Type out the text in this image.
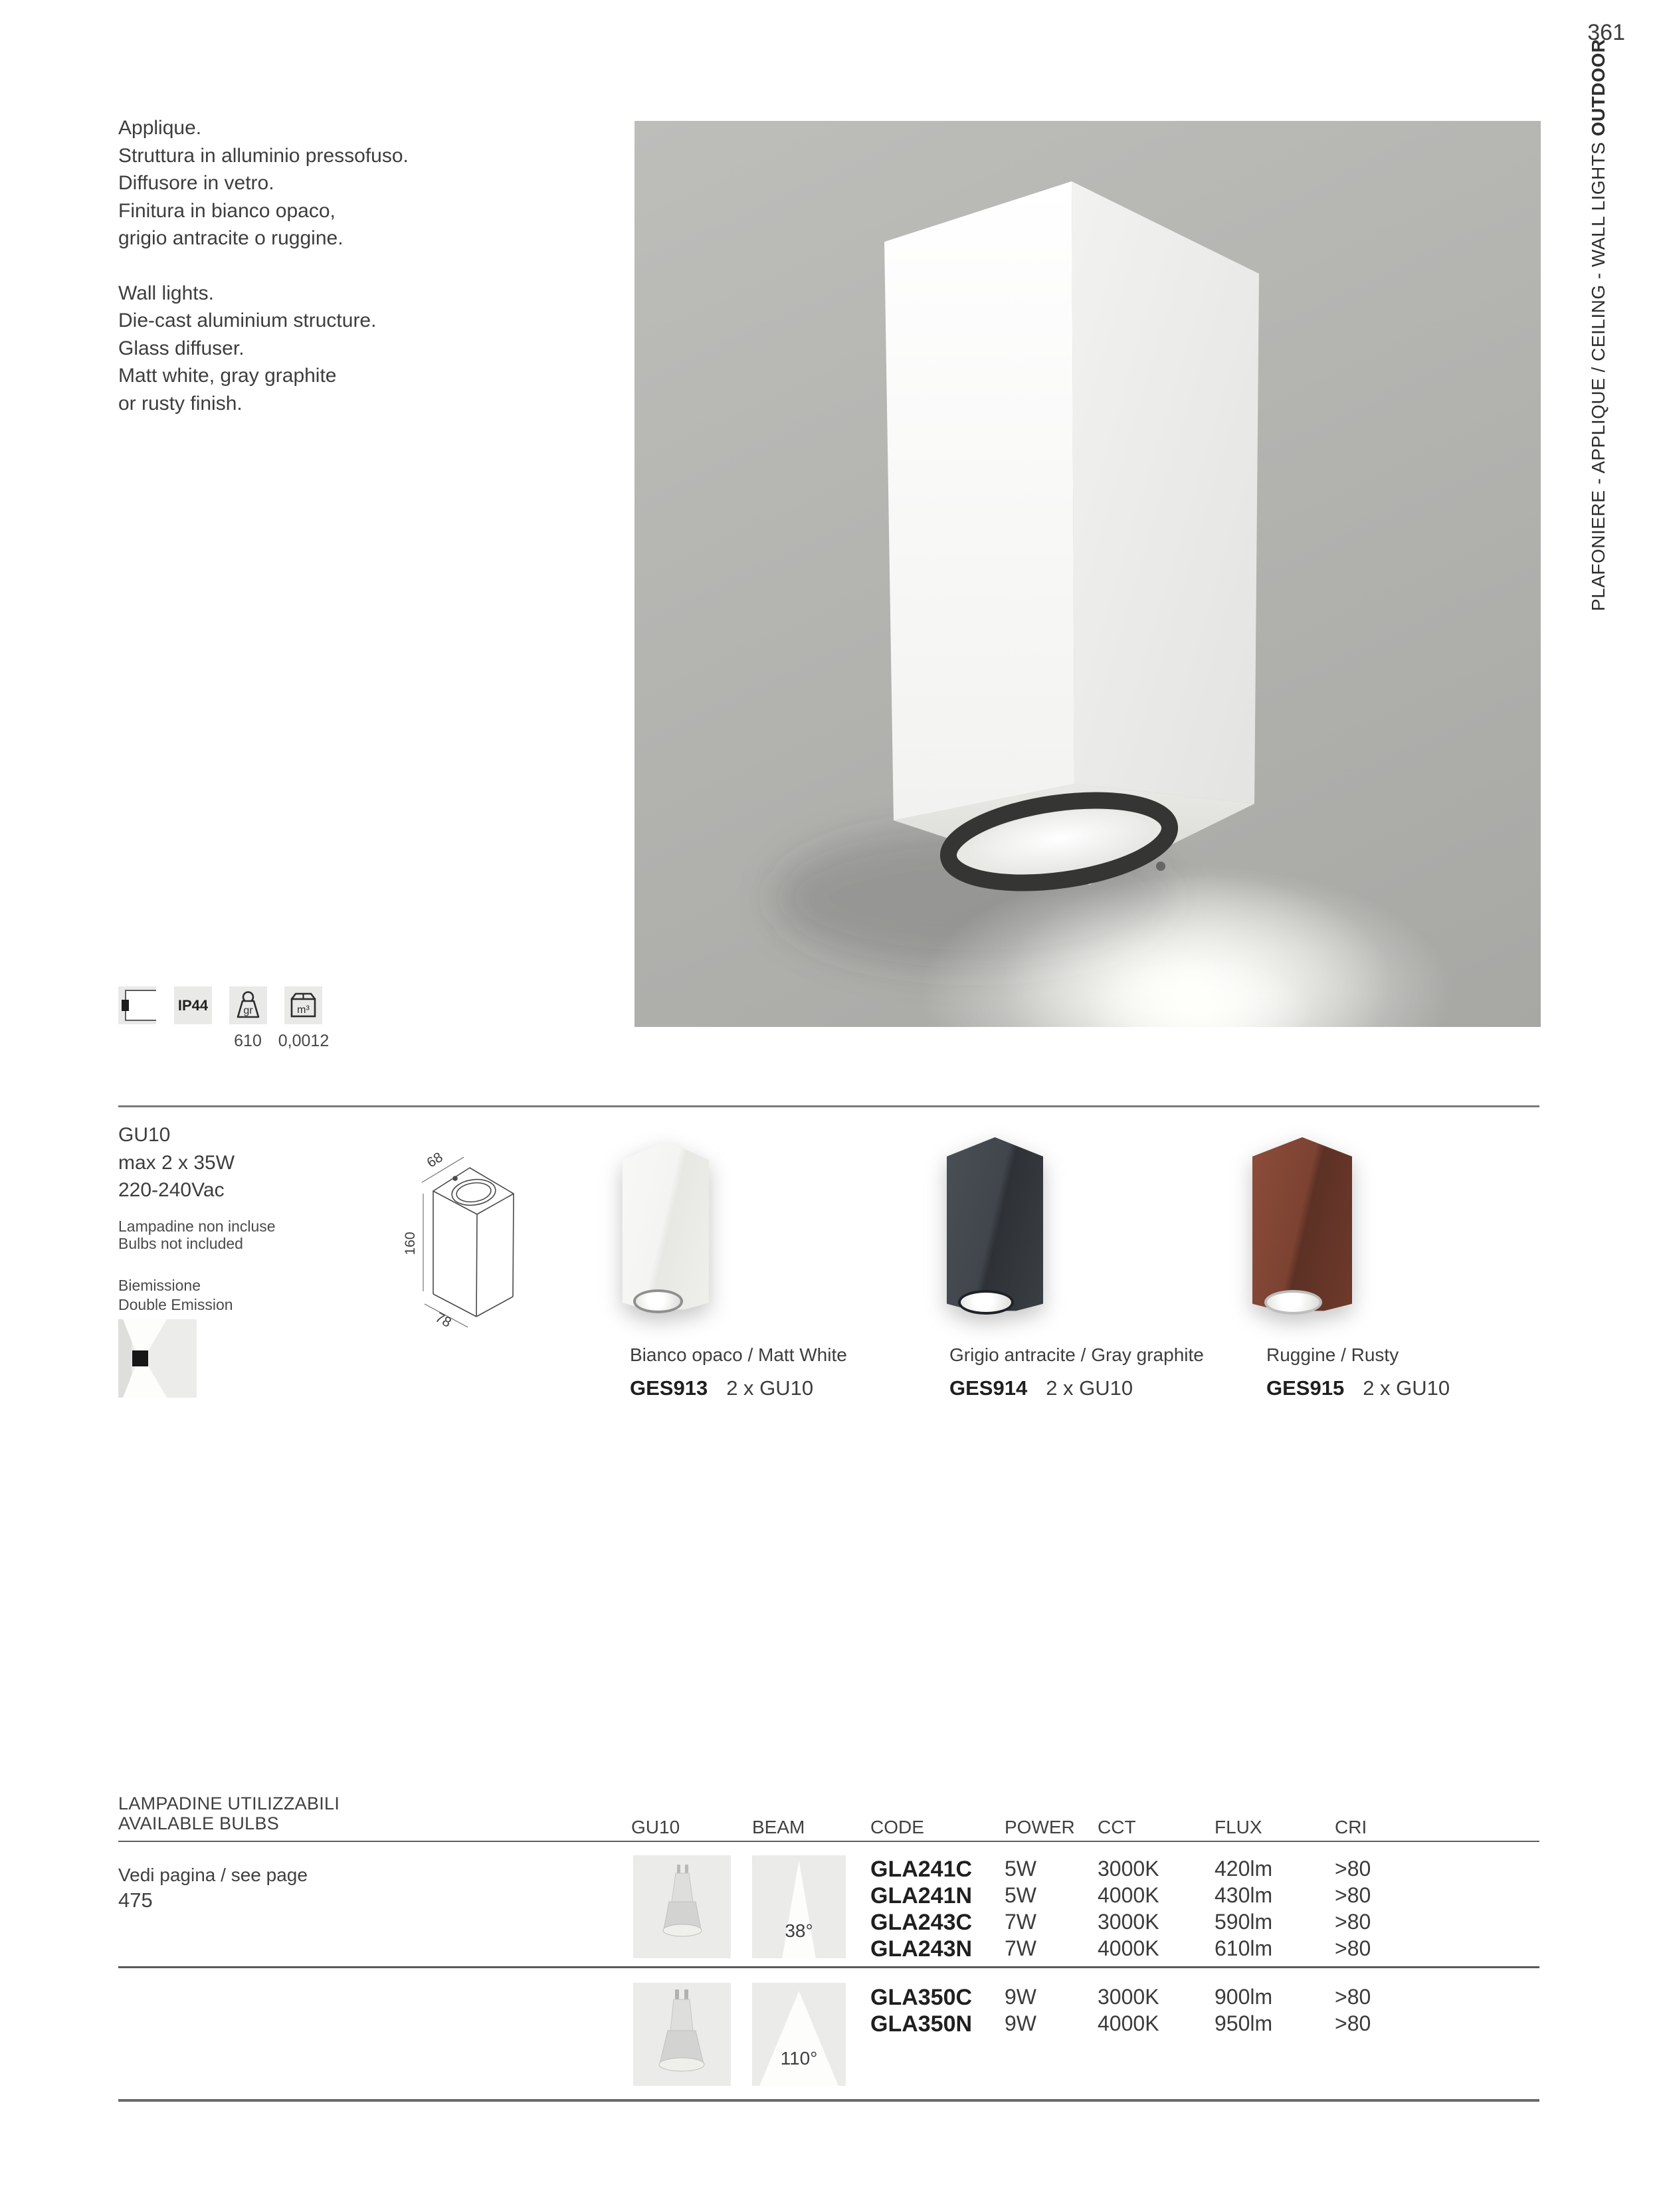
361
PLAFONIERE - APPLIQUE / CEILING - WALL LIGHTS OUTDOOR
Applique.
Struttura in alluminio pressofuso.
Diffusore in vetro.
Finitura in bianco opaco,
grigio antracite o ruggine.
Wall lights.
Die-cast aluminium structure.
Glass diffuser.
Matt white, gray graphite
or rusty finish.
IP44	gr	m³
610 0,0012
GU10
max 2 x 35W
220-240Vac
Lampadine non incluse
Bulbs not included
Biemissione
Double Emission
68
160
78
Bianco opaco / Matt White	Grigio antracite / Gray graphite	Ruggine / Rusty
GES913 2 x GU10	GES914 2 x GU10	GES915 2 x GU10
LAMPADINE UTILIZZABILI
AVAILABLE BULBS
Vedi pagina / see page
475
GU10	BEAM	CODE	POWER CCT	FLUX	CRI
38°
GLA241C 5W	3000K	420lm	>80
GLA241N 5W	4000K	430lm	>80
GLA243C 7W	3000K	590lm	>80
GLA243N 7W	4000K	610lm	>80
110°
GLA350C 9W	3000K	900lm	>80
GLA350N 9W	4000K	950lm	>80
